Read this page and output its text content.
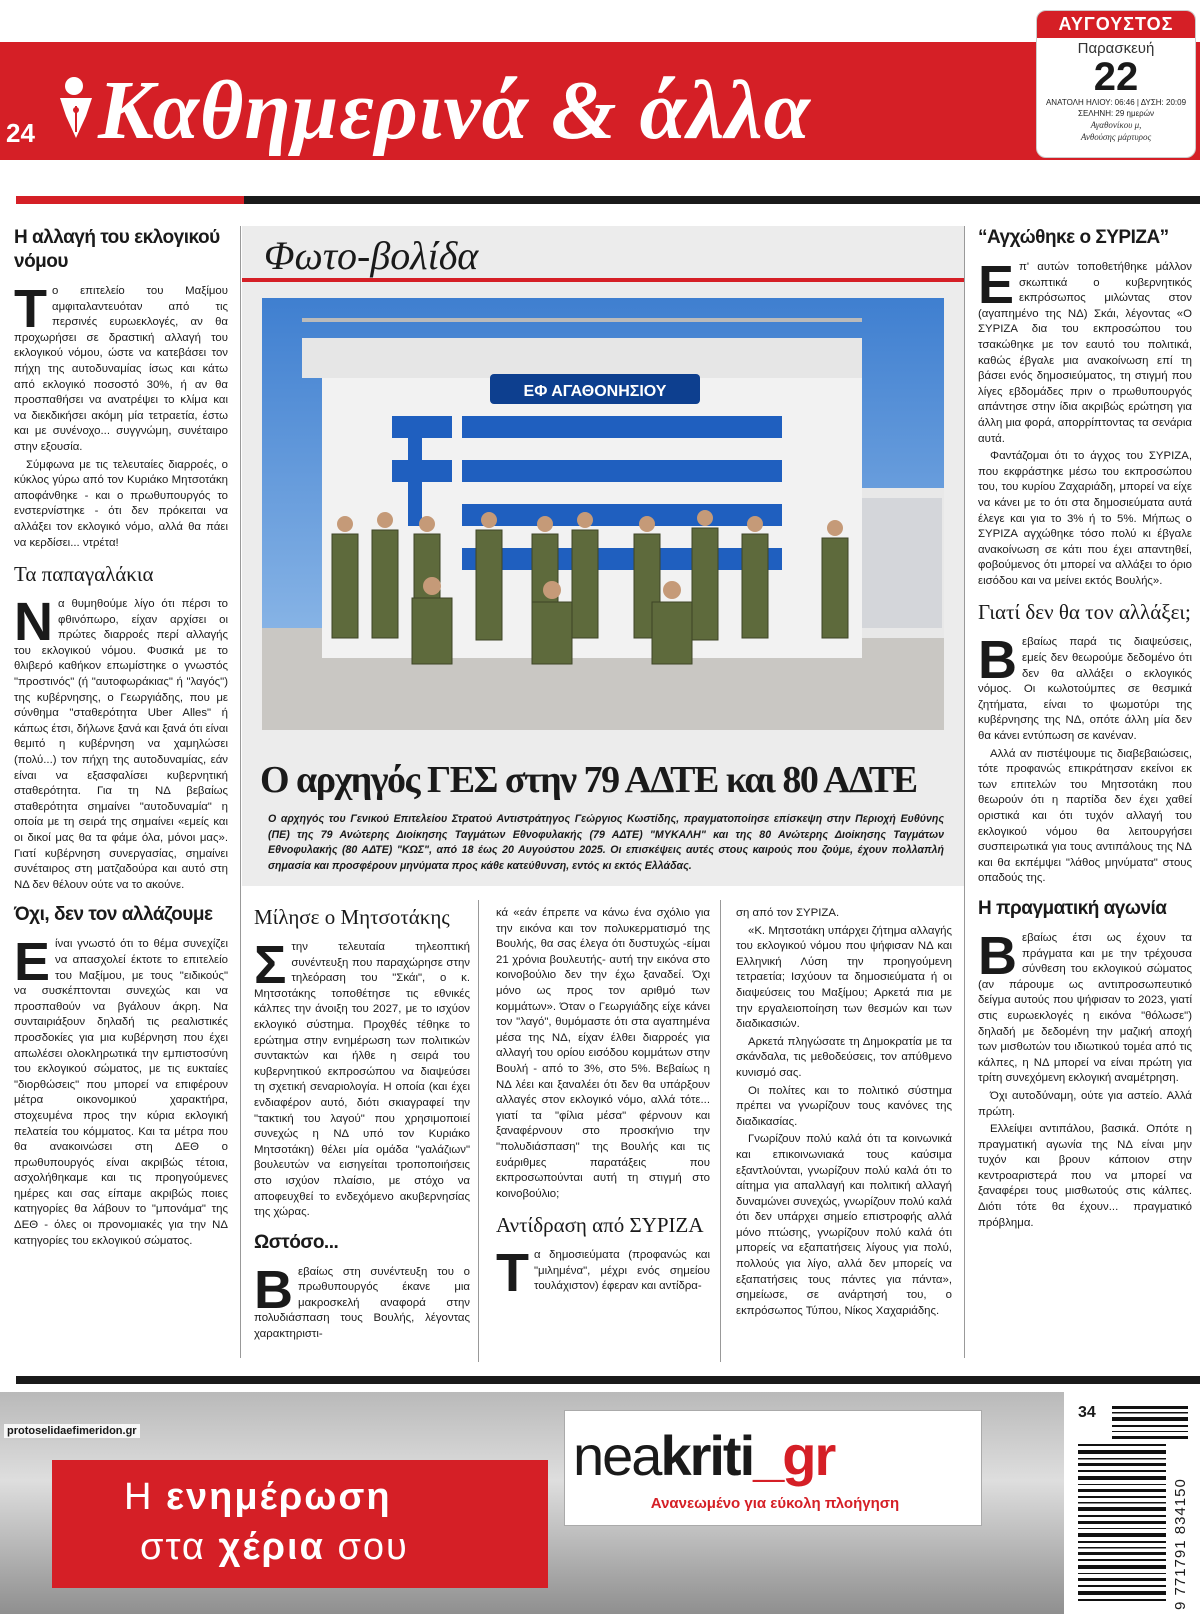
24 Καθημερινά & άλλα
ΑΥΓΟΥΣΤΟΣ
Παρασκευή
22
ΑΝΑΤΟΛΗ ΗΛΙΟΥ: 06:46 | ΔΥΣΗ: 20:09
ΣΕΛΗΝΗ: 29 ημερών
Αγαθονίκου μ,
Ανθούσης μάρτυρος
Η αλλαγή του εκλογικού νόμου

Το επιτελείο του Μαξίμου αμφιταλαντευόταν από τις περσινές ευρωεκλογές, αν θα προχωρήσει σε δραστική αλλαγή του εκλογικού νόμου, ώστε να κατεβάσει τον πήχη της αυτοδυναμίας ίσως και κάτω από εκλογικό ποσοστό 30%, ή αν θα προσπαθήσει να ανατρέψει το κλίμα και να διεκδικήσει ακόμη μία τετραετία, έστω και με συνένοχο... συγγνώμη, συνέταιρο στην εξουσία.

Σύμφωνα με τις τελευταίες διαρροές, ο κύκλος γύρω από τον Κυριάκο Μητσοτάκη αποφάνθηκε - και ο πρωθυπουργός το ενστερνίστηκε - ότι δεν πρόκειται να αλλάξει τον εκλογικό νόμο, αλλά θα πάει να κερδίσει... ντρέτα!

Τα παπαγαλάκια

Να θυμηθούμε λίγο ότι πέρσι το φθινόπωρο, είχαν αρχίσει οι πρώτες διαρροές περί αλλαγής του εκλογικού νόμου. Φυσικά με το θλιβερό καθήκον επωμίστηκε ο γνωστός "προστινός" (ή "αυτοφωράκιας" ή "λαγός") της κυβέρνησης, ο Γεωργιάδης, που με σύνθημα "σταθερότητα Uber Alles" ή κάπως έτσι, δήλωνε ξανά και ξανά ότι είναι θεμιτό η κυβέρνηση να χαμηλώσει (πολύ...) τον πήχη της αυτοδυναμίας, εάν είναι να εξασφαλίσει κυβερνητική σταθερότητα. Για τη ΝΔ βεβαίως σταθερότητα σημαίνει "αυτοδυναμία" η οποία με τη σειρά της σημαίνει «εμείς και οι δικοί μας θα τα φάμε όλα, μόνοι μας». Γιατί κυβέρνηση συνεργασίας, σημαίνει συνέταιρος στη ματζαδούρα και αυτό στη ΝΔ δεν θέλουν ούτε να το ακούνε.

Όχι, δεν τον αλλάζουμε

Είναι γνωστό ότι το θέμα συνεχίζει να απασχολεί έκτοτε το επιτελείο του Μαξίμου, με τους "ειδικούς" να συσκέπτονται συνεχώς και να προσπαθούν να βγάλουν άκρη. Να συνταιριάξουν δηλαδή τις ρεαλιστικές προσδοκίες για μια κυβέρνηση που έχει απωλέσει ολοκληρωτικά την εμπιστοσύνη του εκλογικού σώματος, με τις ευκταίες "διορθώσεις" που μπορεί να επιφέρουν μέτρα οικονομικού χαρακτήρα, στοχευμένα προς την κύρια εκλογική πελατεία του κόμματος. Και τα μέτρα που θα ανακοινώσει στη ΔΕΘ ο πρωθυπουργός είναι ακριβώς τέτοια, ασχολήθηκαμε και τις προηγούμενες ημέρες και σας είπαμε ακριβώς ποιες κατηγορίες θα λάβουν το "μπονάμα" της ΔΕΘ - όλες οι προνομιακές για την ΝΔ κατηγορίες του εκλογικού σώματος.

Φωτο-βολίδα
ΕΦ ΑΓΑΘΟΝΗΣΙΟΥ
Ο αρχηγός ΓΕΣ στην 79 ΑΔΤΕ και 80 ΑΔΤΕ
Ο αρχηγός του Γενικού Επιτελείου Στρατού Αντιστράτηγος Γεώργιος Κωστίδης, πραγματοποίησε επίσκεψη στην Περιοχή Ευθύνης (ΠΕ) της 79 Ανώτερης Διοίκησης Ταγμάτων Εθνοφυλακής (79 ΑΔΤΕ) "ΜΥΚΑΛΗ" και της 80 Ανώτερης Διοίκησης Ταγμάτων Εθνοφυλακής (80 ΑΔΤΕ) "ΚΩΣ", από 18 έως 20 Αυγούστου 2025. Οι επισκέψεις αυτές στους καιρούς που ζούμε, έχουν πολλαπλή σημασία και προσφέρουν μηνύματα προς κάθε κατεύθυνση, εντός κι εκτός Ελλάδας.
Μίλησε ο Μητσοτάκης

Στην τελευταία τηλεοπτική συνέντευξη που παραχώρησε στην τηλεόραση του "Σκάι", ο κ. Μητσοτάκης τοποθέτησε τις εθνικές κάλπες την άνοιξη του 2027, με το ισχύον εκλογικό σύστημα. Προχθές τέθηκε το ερώτημα στην ενημέρωση των πολιτικών συντακτών και ήλθε η σειρά του κυβερνητικού εκπροσώπου να διαψεύσει τη σχετική σεναριολογία. Η οποία (και έχει ενδιαφέρον αυτό, διότι σκιαγραφεί την "τακτική του λαγού" που χρησιμοποιεί συνεχώς η ΝΔ υπό τον Κυριάκο Μητσοτάκη) θέλει μία ομάδα "γαλάζιων" βουλευτών να εισηγείται τροποποιήσεις στο ισχύον πλαίσιο, με στόχο να αποφευχθεί το ενδεχόμενο ακυβερνησίας της χώρας.

Ωστόσο...

Βεβαίως στη συνέντευξη του ο πρωθυπουργός έκανε μια μακροσκελή αναφορά στην πολυδιάσπαση τους Βουλής, λέγοντας χαρακτηριστι-

κά «εάν έπρεπε να κάνω ένα σχόλιο για την εικόνα και τον πολυκερματισμό της Βουλής, θα σας έλεγα ότι δυστυχώς -είμαι 21 χρόνια βουλευτής- αυτή την εικόνα στο κοινοβούλιο δεν την έχω ξαναδεί. Όχι μόνο ως προς τον αριθμό των κομμάτων». Όταν ο Γεωργιάδης είχε κάνει τον "λαγό", θυμόμαστε ότι στα αγαπημένα μέσα της ΝΔ, είχαν έλθει διαρροές για αλλαγή του ορίου εισόδου κομμάτων στην Βουλή - από το 3%, στο 5%. Βεβαίως η ΝΔ λέει και ξαναλέει ότι δεν θα υπάρξουν αλλαγές στον εκλογικό νόμο, αλλά τότε... γιατί τα "φίλια μέσα" φέρνουν και ξαναφέρνουν στο προσκήνιο την "πολυδιάσπαση" της Βουλής και τις ευάριθμες παρατάξεις που εκπροσωπούνται αυτή τη στιγμή στο κοινοβούλιο;

Αντίδραση από ΣΥΡΙΖΑ

Τα δημοσιεύματα (προφανώς και "μιλημένα", μέχρι ενός σημείου τουλάχιστον) έφεραν και αντίδρα-

ση από τον ΣΥΡΙΖΑ.

«Κ. Μητσοτάκη υπάρχει ζήτημα αλλαγής του εκλογικού νόμου που ψήφισαν ΝΔ και Ελληνική Λύση την προηγούμενη τετραετία; Ισχύουν τα δημοσιεύματα ή οι διαψεύσεις του Μαξίμου; Αρκετά πια με την εργαλειοποίηση των θεσμών και των διαδικασιών.

Αρκετά πληγώσατε τη Δημοκρατία με τα σκάνδαλα, τις μεθοδεύσεις, τον απύθμενο κυνισμό σας.

Οι πολίτες και το πολιτικό σύστημα πρέπει να γνωρίζουν τους κανόνες της διαδικασίας.

Γνωρίζουν πολύ καλά ότι τα κοινωνικά και επικοινωνιακά τους καύσιμα εξαντλούνται, γνωρίζουν πολύ καλά ότι το αίτημα για απαλλαγή και πολιτική αλλαγή δυναμώνει συνεχώς, γνωρίζουν πολύ καλά ότι δεν υπάρχει σημείο επιστροφής αλλά μόνο πτώσης, γνωρίζουν πολύ καλά ότι μπορείς να εξαπατήσεις λίγους για πολύ, πολλούς για λίγο, αλλά δεν μπορείς να εξαπατήσεις τους πάντες για πάντα», σημείωσε, σε ανάρτησή του, ο εκπρόσωπος Τύπου, Νίκος Χαχαριάδης.

“Αγχώθηκε ο ΣΥΡΙΖΑ”

Επ' αυτών τοποθετήθηκε μάλλον σκωπτικά ο κυβερνητικός εκπρόσωπος μιλώντας στον (αγαπημένο της ΝΔ) Σκάι, λέγοντας «Ο ΣΥΡΙΖΑ δια του εκπροσώπου του τσακώθηκε με τον εαυτό του πολιτικά, καθώς έβγαλε μια ανακοίνωση επί τη βάσει ενός δημοσιεύματος, τη στιγμή που λίγες εβδομάδες πριν ο πρωθυπουργός απάντησε στην ίδια ακριβώς ερώτηση για άλλη μια φορά, απορρίπτοντας τα σενάρια αυτά.

Φαντάζομαι ότι το άγχος του ΣΥΡΙΖΑ, που εκφράστηκε μέσω του εκπροσώπου του, του κυρίου Ζαχαριάδη, μπορεί να είχε να κάνει με το ότι στα δημοσιεύματα αυτά έλεγε και για το 3% ή το 5%. Μήπως ο ΣΥΡΙΖΑ αγχώθηκε τόσο πολύ κι έβγαλε ανακοίνωση σε κάτι που έχει απαντηθεί, φοβούμενος ότι μπορεί να αλλάξει το όριο εισόδου και να μείνει εκτός Βουλής».

Γιατί δεν θα τον αλλάξει;

Βεβαίως παρά τις διαψεύσεις, εμείς δεν θεωρούμε δεδομένο ότι δεν θα αλλάξει ο εκλογικός νόμος. Οι κωλοτούμπες σε θεσμικά ζητήματα, είναι το ψωμοτύρι της κυβέρνησης της ΝΔ, οπότε άλλη μία δεν θα κάνει εντύπωση σε κανέναν.

Αλλά αν πιστέψουμε τις διαβεβαιώσεις, τότε προφανώς επικράτησαν εκείνοι εκ των επιτελών του Μητσοτάκη που θεωρούν ότι η παρτίδα δεν έχει χαθεί οριστικά και ότι τυχόν αλλαγή του εκλογικού νόμου θα λειτουργήσει συσπειρωτικά για τους αντιπάλους της ΝΔ και θα εκπέμψει "λάθος μηνύματα" στους οπαδούς της.

Η πραγματική αγωνία

Βεβαίως έτσι ως έχουν τα πράγματα και με την τρέχουσα σύνθεση του εκλογικού σώματος (αν πάρουμε ως αντιπροσωπευτικό δείγμα αυτούς που ψήφισαν το 2023, γιατί στις ευρωεκλογές η εικόνα "θόλωσε") δηλαδή με δεδομένη την μαζική αποχή των μισθωτών του ιδιωτικού τομέα από τις κάλπες, η ΝΔ μπορεί να είναι πρώτη για τρίτη συνεχόμενη εκλογική αναμέτρηση.

Όχι αυτοδύναμη, ούτε για αστείο. Αλλά πρώτη.

Ελλείψει αντιπάλου, βασικά. Οπότε η πραγματική αγωνία της ΝΔ είναι μην τυχόν και βρουν κάποιον στην κεντροαριστερά που να μπορεί να ξαναφέρει τους μισθωτούς στις κάλπες. Διότι τότε θα έχουν... πραγματικό πρόβλημα.

protoselidaefimeridon.gr
Η ενημέρωση
στα χέρια σου
neakriti_gr
Ανανεωμένο για εύκολη πλοήγηση
34
9 771791 834150
